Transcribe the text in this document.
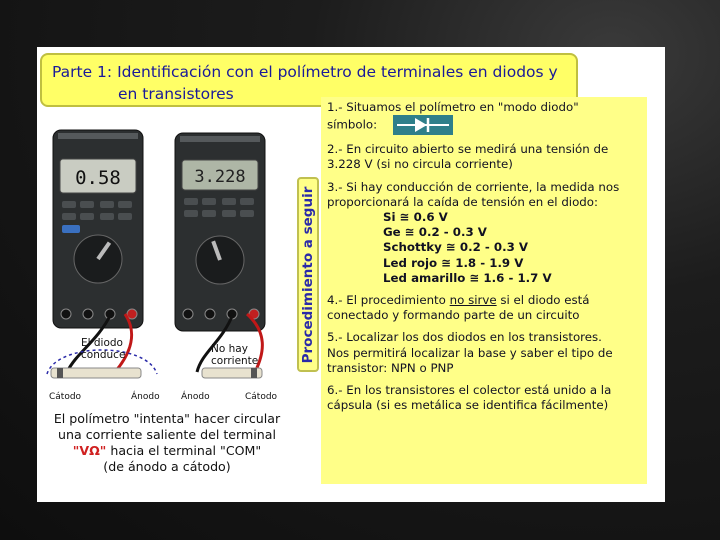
Parte 1: Identificación con el polímetro de terminales en diodos y
en transistores
0.58	3.228
El diodo
conduce	No hay
corriente
Cátodo	Ánodo Ánodo	Cátodo
El polímetro "intenta" hacer circular
una corriente saliente del terminal
"VΩ" hacia el terminal "COM"
(de ánodo a cátodo)
Procedimiento a seguir
1.- Situamos el polímetro en "modo diodo"
símbolo:
2.- En circuito abierto se medirá una tensión de
3.228 V (si no circula corriente)
3.- Si hay conducción de corriente, la medida nos
proporcionará la caída de tensión en el diodo:
Si ≅ 0.6 V
Ge ≅ 0.2 - 0.3 V
Schottky ≅ 0.2 - 0.3 V
Led rojo ≅ 1.8 - 1.9 V
Led amarillo ≅ 1.6 - 1.7 V
4.- El procedimiento no sirve si el diodo está
conectado y formando parte de un circuito
5.- Localizar los dos diodos en los transistores.
Nos permitirá localizar la base y saber el tipo de
transistor: NPN o PNP
6.- En los transistores el colector está unido a la
cápsula (si es metálica se identifica fácilmente)
